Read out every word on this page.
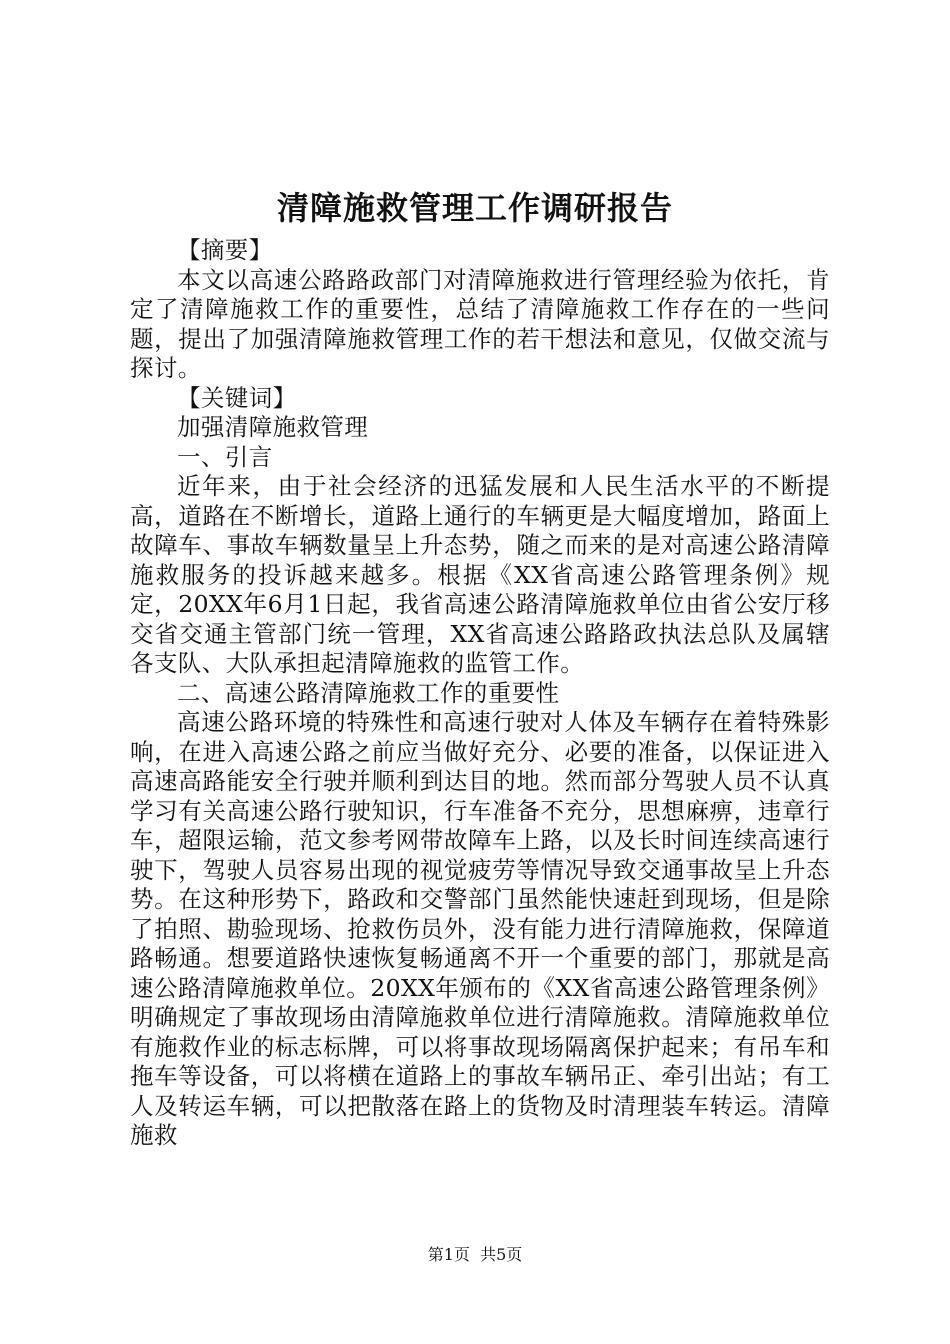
清障施救管理工作调研报告

【摘要】

本文以高速公路路政部门对清障施救进行管理经验为依托，肯定了清障施救工作的重要性，总结了清障施救工作存在的一些问题，提出了加强清障施救管理工作的若干想法和意见，仅做交流与探讨。

【关键词】

加强清障施救管理

一、引言

近年来，由于社会经济的迅猛发展和人民生活水平的不断提高，道路在不断增长，道路上通行的车辆更是大幅度增加，路面上故障车、事故车辆数量呈上升态势，随之而来的是对高速公路清障施救服务的投诉越来越多。根据《XX省高速公路管理条例》规定，20XX年6月1日起，我省高速公路清障施救单位由省公安厅移交省交通主管部门统一管理，XX省高速公路路政执法总队及属辖各支队、大队承担起清障施救的监管工作。

二、高速公路清障施救工作的重要性

高速公路环境的特殊性和高速行驶对人体及车辆存在着特殊影响，在进入高速公路之前应当做好充分、必要的准备，以保证进入高速高路能安全行驶并顺利到达目的地。然而部分驾驶人员不认真学习有关高速公路行驶知识，行车准备不充分，思想麻痹，违章行车，超限运输，范文参考网带故障车上路，以及长时间连续高速行驶下，驾驶人员容易出现的视觉疲劳等情况导致交通事故呈上升态势。在这种形势下，路政和交警部门虽然能快速赶到现场，但是除了拍照、勘验现场、抢救伤员外，没有能力进行清障施救，保障道路畅通。想要道路快速恢复畅通离不开一个重要的部门，那就是高速公路清障施救单位。20XX年颁布的《XX省高速公路管理条例》明确规定了事故现场由清障施救单位进行清障施救。清障施救单位有施救作业的标志标牌，可以将事故现场隔离保护起来；有吊车和拖车等设备，可以将横在道路上的事故车辆吊正、牵引出站；有工人及转运车辆，可以把散落在路上的货物及时清理装车转运。清障施救

第1页 共5页
